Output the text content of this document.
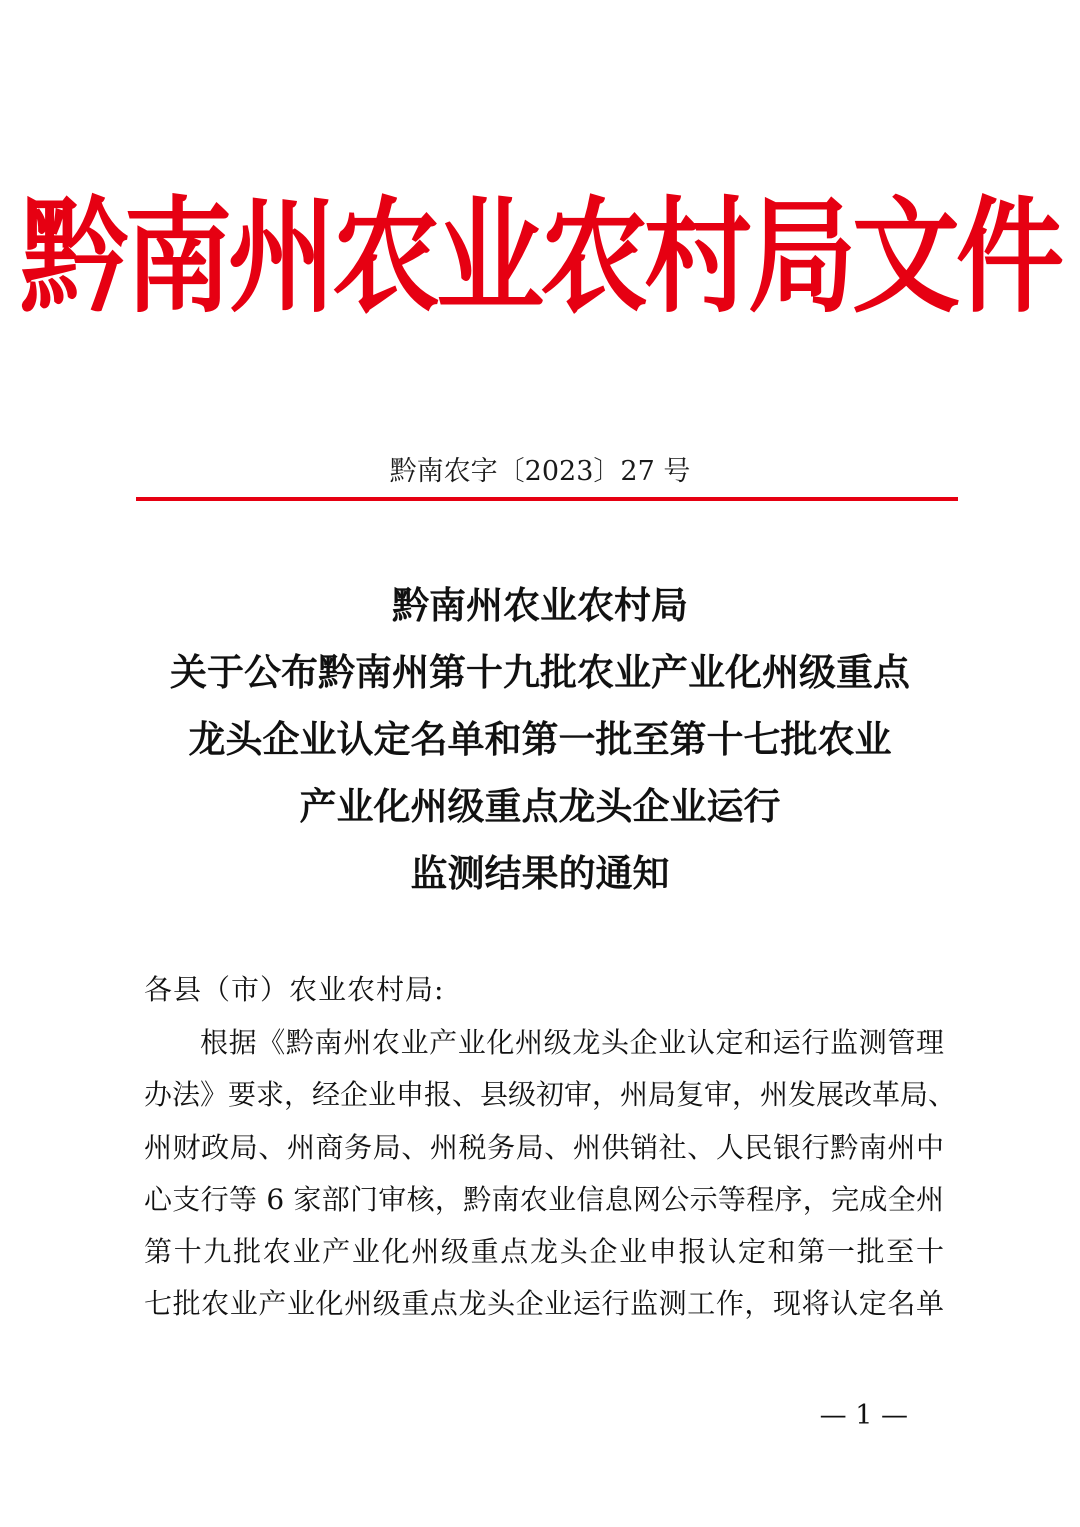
黔南州农业农村局文件
黔南农字〔2023〕27 号
黔南州农业农村局
关于公布黔南州第十九批农业产业化州级重点
龙头企业认定名单和第一批至第十七批农业
产业化州级重点龙头企业运行
监测结果的通知
各县（市）农业农村局:
根据《黔南州农业产业化州级龙头企业认定和运行监测管理
办法》要求，经企业申报、县级初审，州局复审，州发展改革局、
州财政局、州商务局、州税务局、州供销社、人民银行黔南州中
心支行等 6 家部门审核，黔南农业信息网公示等程序，完成全州
第十九批农业产业化州级重点龙头企业申报认定和第一批至十
七批农业产业化州级重点龙头企业运行监测工作，现将认定名单
— 1 —
